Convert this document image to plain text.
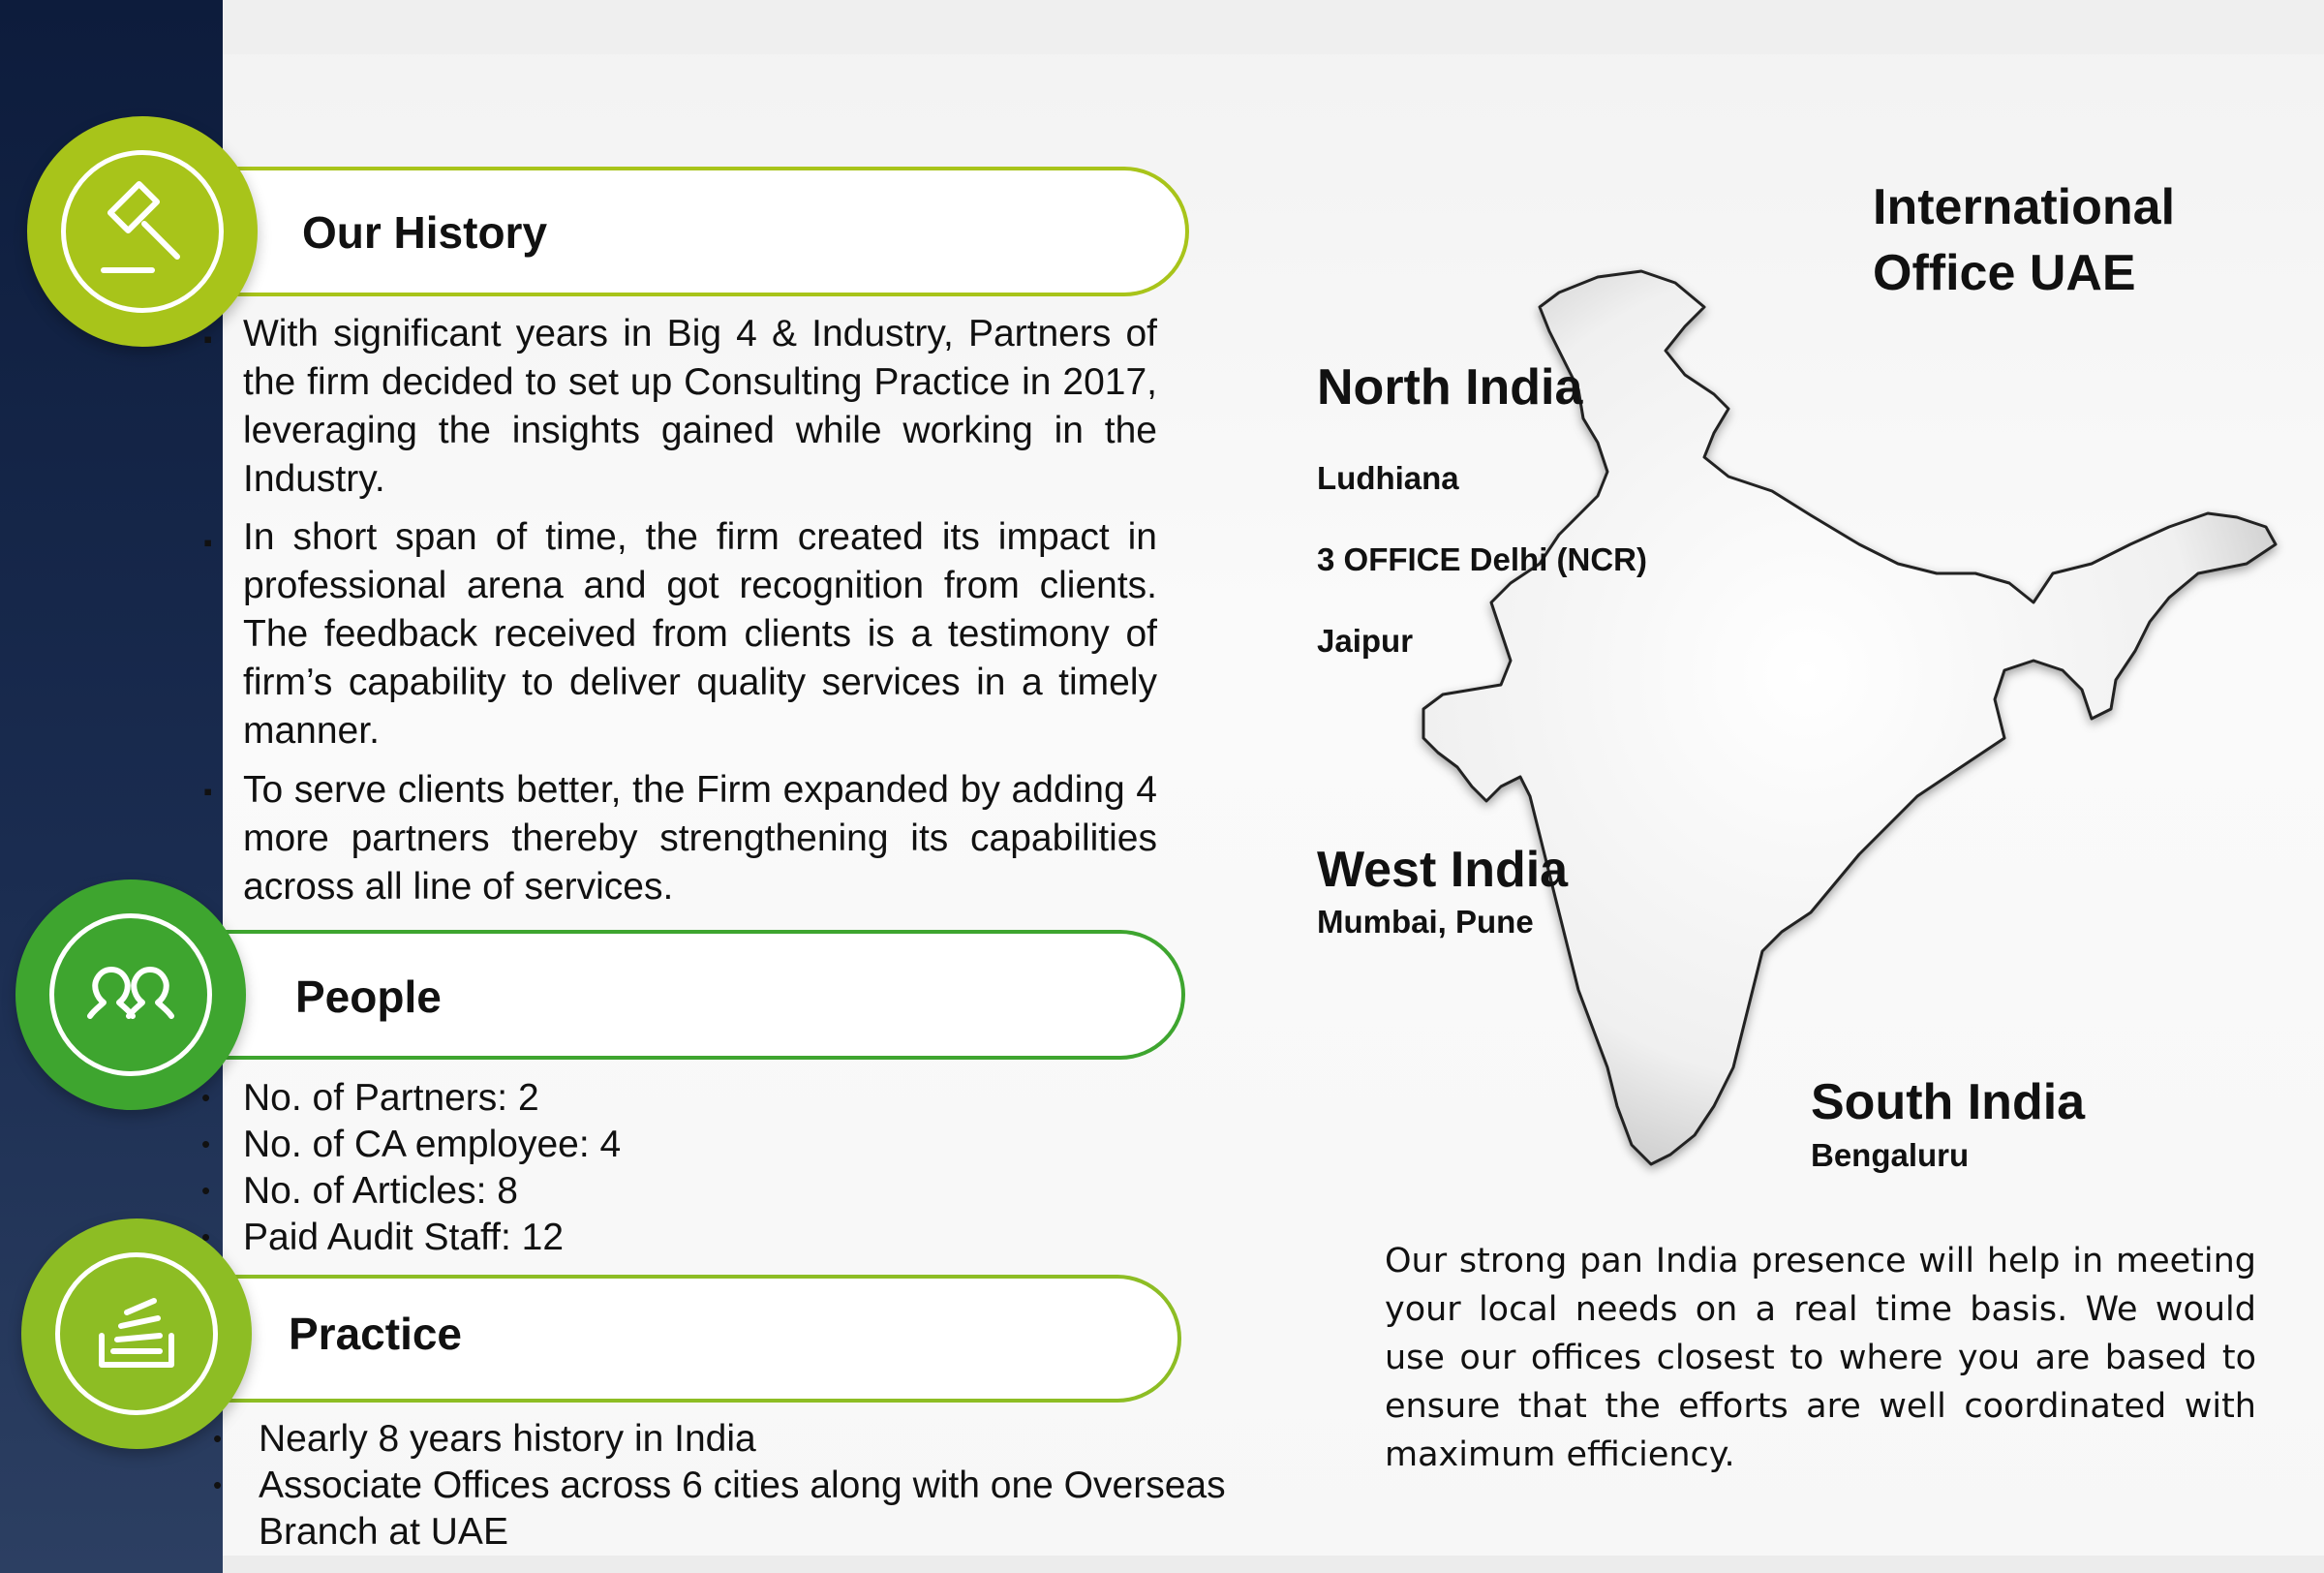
Our History
▪ With significant years in Big 4 & Industry, Partners of the firm decided to set up Consulting Practice in 2017, leveraging the insights gained while working in the Industry.
▪ In short span of time, the firm created its impact in professional arena and got recognition from clients. The feedback received from clients is a testimony of firm’s capability to deliver quality services in a timely manner.
▪ To serve clients better, the Firm expanded by adding 4 more partners thereby strengthening its capabilities across all line of services.
People
• No. of Partners: 2
• No. of CA employee: 4
• No. of Articles: 8
• Paid Audit Staff: 12
Practice
• Nearly 8 years history in India
• Associate Offices across 6 cities along with one Overseas
Branch at UAE
International
Office UAE
North India
Ludhiana
3 OFFICE Delhi (NCR)
Jaipur
West India
Mumbai, Pune
South India
Bengaluru
Our strong pan India presence will help in meeting your local needs on a real time basis. We would use our offices closest to where you are based to ensure that the efforts are well coordinated with maximum efficiency.
